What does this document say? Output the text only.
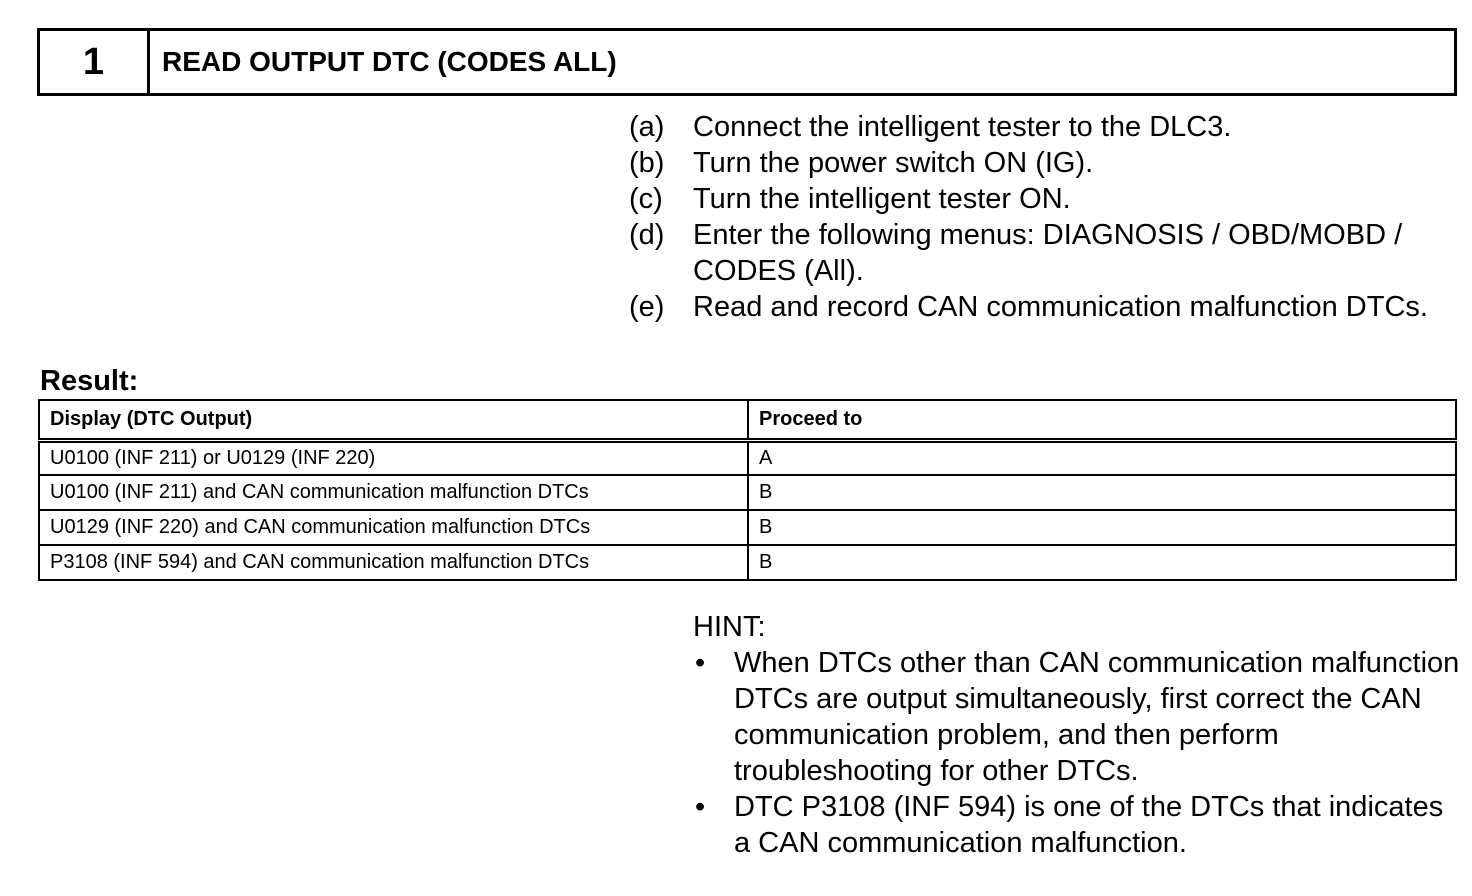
1	READ OUTPUT DTC (CODES ALL)
(a) Connect the intelligent tester to the DLC3.
(b) Turn the power switch ON (IG).
(c)	Turn the intelligent tester ON.
(d) Enter the following menus: DIAGNOSIS / OBD/MOBD / CODES (All).
(e) Read and record CAN communication malfunction DTCs.
Result:
Display (DTC Output)	Proceed to
U0100 (INF 211) or U0129 (INF 220)	A
U0100 (INF 211) and CAN communication malfunction DTCs	B
U0129 (INF 220) and CAN communication malfunction DTCs	B
P3108 (INF 594) and CAN communication malfunction DTCs	B
HINT:
• When DTCs other than CAN communication malfunction DTCs are output simultaneously, first correct the CAN communication problem, and then perform troubleshooting for other DTCs.
• DTC P3108 (INF 594) is one of the DTCs that indicates a CAN communication malfunction.
